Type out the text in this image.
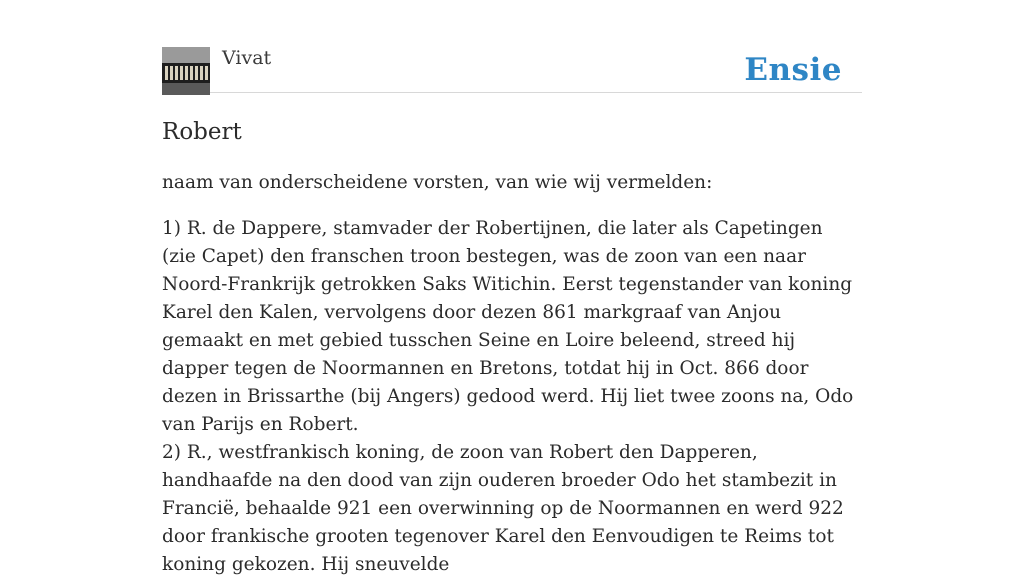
Vivat	Ensie
Robert

naam van onderscheidene vorsten, van wie wij vermelden:

1) R. de Dappere, stamvader der Robertijnen, die later als Capetingen (zie Capet) den franschen troon bestegen, was de zoon van een naar Noord-Frankrijk getrokken Saks Witichin. Eerst tegenstander van koning Karel den Kalen, vervolgens door dezen 861 markgraaf van Anjou gemaakt en met gebied tusschen Seine en Loire beleend, streed hij dapper tegen de Noormannen en Bretons, totdat hij in Oct. 866 door dezen in Brissarthe (bij Angers) gedood werd. Hij liet twee zoons na, Odo van Parijs en Robert.
2) R., westfrankisch koning, de zoon van Robert den Dapperen, handhaafde na den dood van zijn ouderen broeder Odo het stambezit in Francië, behaalde 921 een overwinning op de Noormannen en werd 922 door frankische grooten tegenover Karel den Eenvoudigen te Reims tot koning gekozen. Hij sneuvelde
